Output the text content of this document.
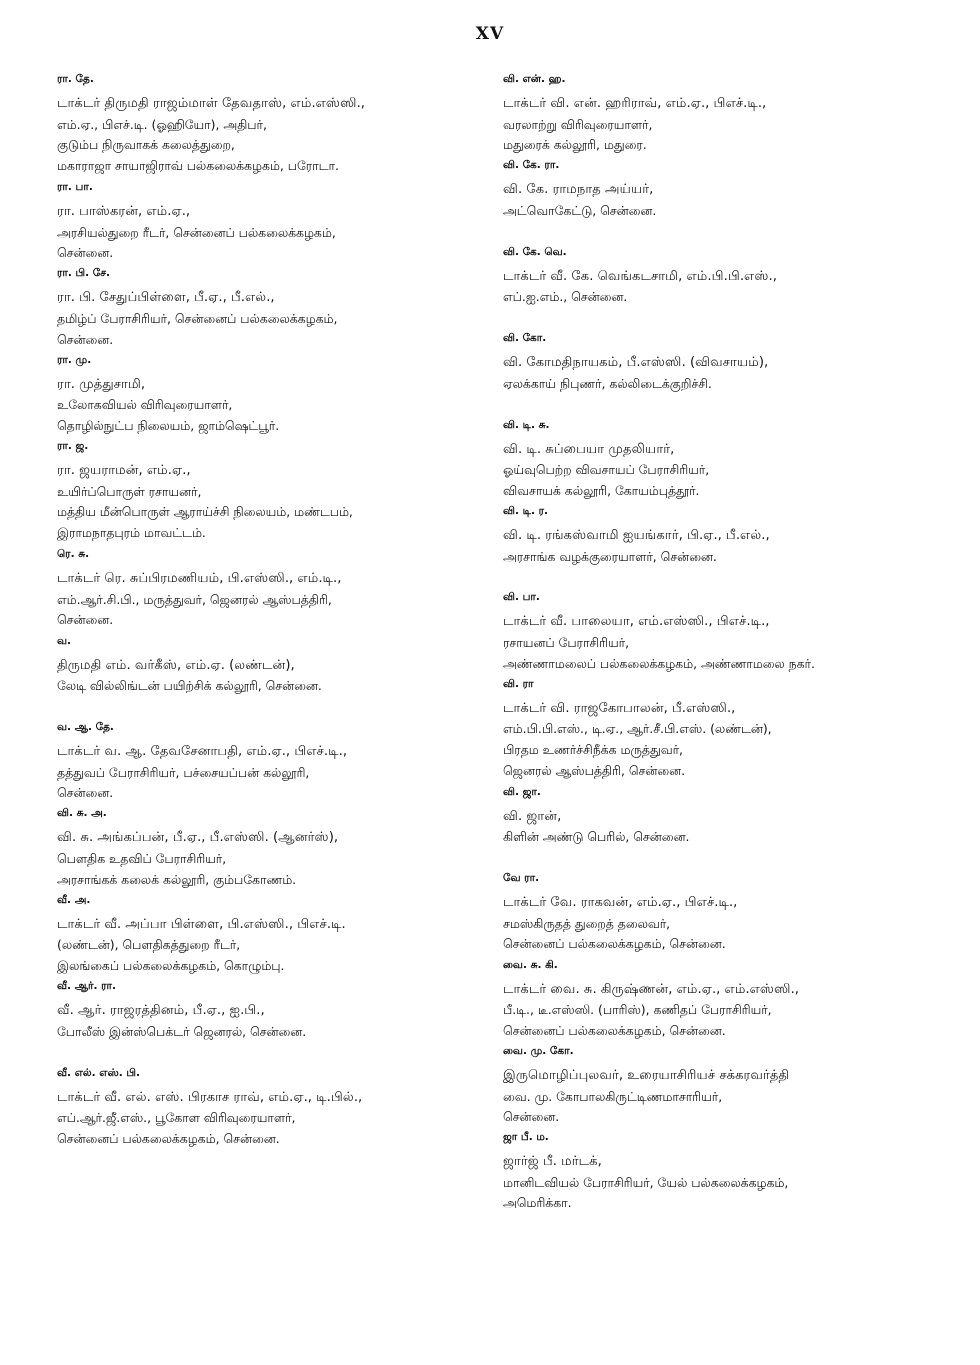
XV
ரா. தே.
டாக்டர் திருமதி ராஜம்மாள் தேவதாஸ், எம்.எஸ்ஸி.,
எம்.ஏ., பிஎச்.டி. (ஓஹியோ), அதிபர்,
குடும்ப நிருவாகக் கலைத்துறை,
மகாராஜா சாயாஜிராவ் பல்கலைக்கழகம், பரோடா.
ரா. பா.
ரா. பாஸ்கரன், எம்.ஏ.,
அரசியல்துறை ரீடர், சென்னைப் பல்கலைக்கழகம்,
சென்னை.
ரா. பி. சே.
ரா. பி. சேதுப்பிள்ளை, பீ.ஏ., பீ.எல்.,
தமிழ்ப் பேராசிரியர், சென்னைப் பல்கலைக்கழகம்,
சென்னை.
ரா. மு.
ரா. முத்துசாமி,
உலோகவியல் விரிவுரையாளர்,
தொழில்நுட்ப நிலையம், ஜாம்ஷெட்பூர்.
ரா. ஜ.
ரா. ஜயராமன், எம்.ஏ.,
உயிர்ப்பொருள் ரசாயனர்,
மத்திய மீன்பொருள் ஆராய்ச்சி நிலையம், மண்டபம்,
இராமநாதபுரம் மாவட்டம்.
ரெ. சு.
டாக்டர் ரெ. சுப்பிரமணியம், பி.எஸ்ஸி., எம்.டி.,
எம்.ஆர்.சி.பி., மருத்துவர், ஜெனரல் ஆஸ்பத்திரி,
சென்னை.
வ.
திருமதி எம். வர்கீஸ், எம்.ஏ. (லண்டன்),
லேடி வில்லிங்டன் பயிற்சிக் கல்லூரி, சென்னை.
வ. ஆ. தே.
டாக்டர் வ. ஆ. தேவசேனாபதி, எம்.ஏ., பிஎச்.டி.,
தத்துவப் பேராசிரியர், பச்சையப்பன் கல்லூரி,
சென்னை.
வி. சு. அ.
வி. சு. அங்கப்பன், பீ.ஏ., பீ.எஸ்ஸி. (ஆனர்ஸ்),
பௌதிக உதவிப் பேராசிரியர்,
அரசாங்கக் கலைக் கல்லூரி, கும்பகோணம்.
வீ. அ.
டாக்டர் வீ. அப்பா பிள்ளை, பி.எஸ்ஸி., பிஎச்.டி.
(லண்டன்), பௌதிகத்துறை ரீடர்,
இலங்கைப் பல்கலைக்கழகம், கொழும்பு.
வீ. ஆர். ரா.
வீ. ஆர். ராஜரத்தினம், பீ.ஏ., ஐ.பி.,
போலீஸ் இன்ஸ்பெக்டர் ஜெனரல், சென்னை.
வீ. எல். எஸ். பி.
டாக்டர் வீ. எல். எஸ். பிரகாச ராவ், எம்.ஏ., டி.பில்.,
எப்.ஆர்.ஜீ.எஸ்., பூகோள விரிவுரையாளர்,
சென்னைப் பல்கலைக்கழகம், சென்னை.
வி. என். ஹ.
டாக்டர் வி. என். ஹரிராவ், எம்.ஏ., பிஎச்.டி.,
வரலாற்று விரிவுரையாளர்,
மதுரைக் கல்லூரி, மதுரை.
வி. கே. ரா.
வி. கே. ராமநாத அய்யர்,
அட்வொகேட்டு, சென்னை.
வி. கே. வெ.
டாக்டர் வீ. கே. வெங்கடசாமி, எம்.பி.பி.எஸ்.,
எப்.ஐ.எம்., சென்னை.
வி. கோ.
வி. கோமதிநாயகம், பீ.எஸ்ஸி. (விவசாயம்),
ஏலக்காய் நிபுணர், கல்லிடைக்குறிச்சி.
வி. டி. சு.
வி. டி. சுப்பையா முதலியார்,
ஓய்வுபெற்ற விவசாயப் பேராசிரியர்,
விவசாயக் கல்லூரி, கோயம்புத்தூர்.
வி. டி. ர.
வி. டி. ரங்கஸ்வாமி ஐயங்கார், பி.ஏ., பீ.எல்.,
அரசாங்க வழக்குரையாளர், சென்னை.
வி. பா.
டாக்டர் வீ. பாலையா, எம்.எஸ்ஸி., பிஎச்.டி.,
ரசாயனப் பேராசிரியர்,
அண்ணாமலைப் பல்கலைக்கழகம், அண்ணாமலை நகர்.
வி. ரா
டாக்டர் வி. ராஜகோபாலன், பீ.எஸ்ஸி.,
எம்.பி.பி.எஸ்., டி.ஏ., ஆர்.சீ.பி.எஸ். (லண்டன்),
பிரதம உணர்ச்சிநீக்க மருத்துவர்,
ஜெனரல் ஆஸ்பத்திரி, சென்னை.
வி. ஜா.
வி. ஜான்,
கிளின் அண்டு பெரில், சென்னை.
வே ரா.
டாக்டர் வே. ராகவன், எம்.ஏ., பிஎச்.டி.,
சமஸ்கிருதத் துறைத் தலைவர்,
சென்னைப் பல்கலைக்கழகம், சென்னை.
வை. சு. கி.
டாக்டர் வை. சு. கிருஷ்ணன், எம்.ஏ., எம்.எஸ்ஸி.,
பீ.டி., டீ.எஸ்ஸி. (பாரிஸ்), கணிதப் பேராசிரியர்,
சென்னைப் பல்கலைக்கழகம், சென்னை.
வை. மு. கோ.
இருமொழிப்புலவர், உரையாசிரியச் சக்கரவர்த்தி
வை. மு. கோபாலகிருட்டிணமாசாரியர்,
சென்னை.
ஜா பீ. ம.
ஜார்ஜ் பீ. மர்டக்,
மானிடவியல் பேராசிரியர், யேல் பல்கலைக்கழகம்,
அமெரிக்கா.
